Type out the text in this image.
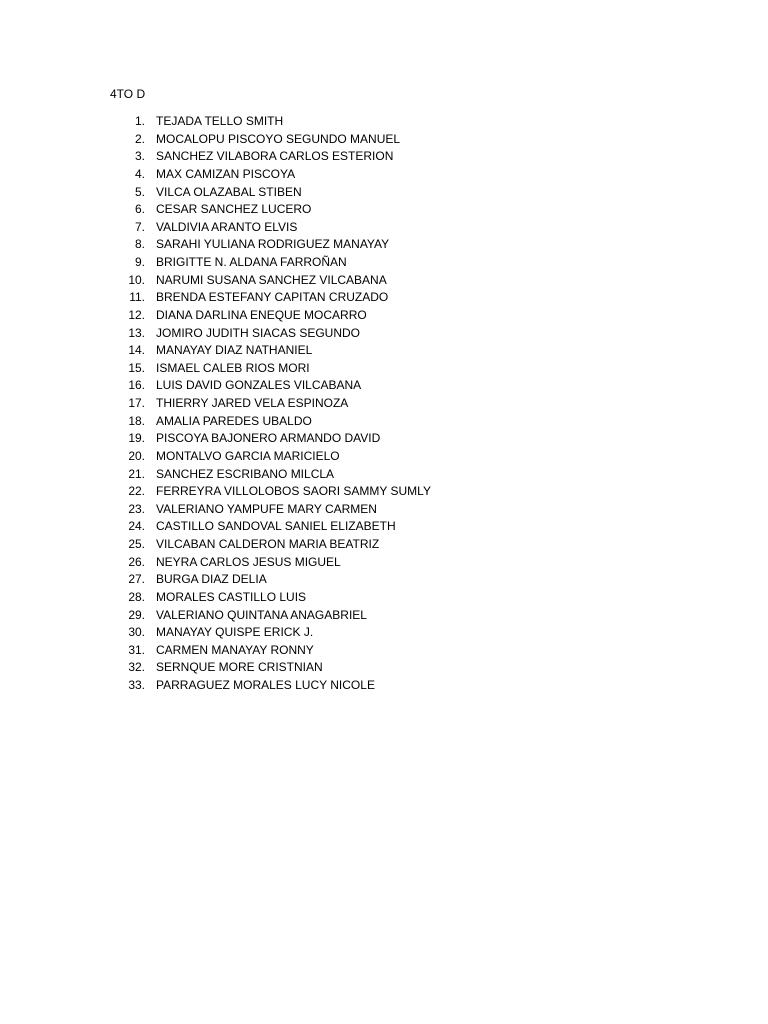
4TO D
1. TEJADA TELLO SMITH
2. MOCALOPU PISCOYO SEGUNDO MANUEL
3. SANCHEZ VILABORA CARLOS ESTERION
4. MAX CAMIZAN PISCOYA
5. VILCA OLAZABAL STIBEN
6. CESAR SANCHEZ LUCERO
7. VALDIVIA ARANTO ELVIS
8. SARAHI YULIANA RODRIGUEZ MANAYAY
9. BRIGITTE N. ALDANA FARROÑAN
10. NARUMI SUSANA SANCHEZ VILCABANA
11. BRENDA ESTEFANY CAPITAN CRUZADO
12. DIANA DARLINA ENEQUE MOCARRO
13. JOMIRO JUDITH SIACAS SEGUNDO
14. MANAYAY DIAZ NATHANIEL
15. ISMAEL CALEB RIOS MORI
16. LUIS DAVID GONZALES VILCABANA
17. THIERRY JARED VELA ESPINOZA
18. AMALIA PAREDES UBALDO
19. PISCOYA BAJONERO ARMANDO DAVID
20. MONTALVO GARCIA MARICIELO
21. SANCHEZ ESCRIBANO MILCLA
22. FERREYRA VILLOLOBOS SAORI SAMMY SUMLY
23. VALERIANO YAMPUFE MARY CARMEN
24. CASTILLO SANDOVAL SANIEL ELIZABETH
25. VILCABAN CALDERON MARIA BEATRIZ
26. NEYRA CARLOS JESUS MIGUEL
27. BURGA DIAZ DELIA
28. MORALES CASTILLO LUIS
29. VALERIANO QUINTANA ANAGABRIEL
30. MANAYAY QUISPE ERICK J.
31. CARMEN MANAYAY RONNY
32. SERNQUE MORE CRISTNIAN
33. PARRAGUEZ MORALES LUCY NICOLE
